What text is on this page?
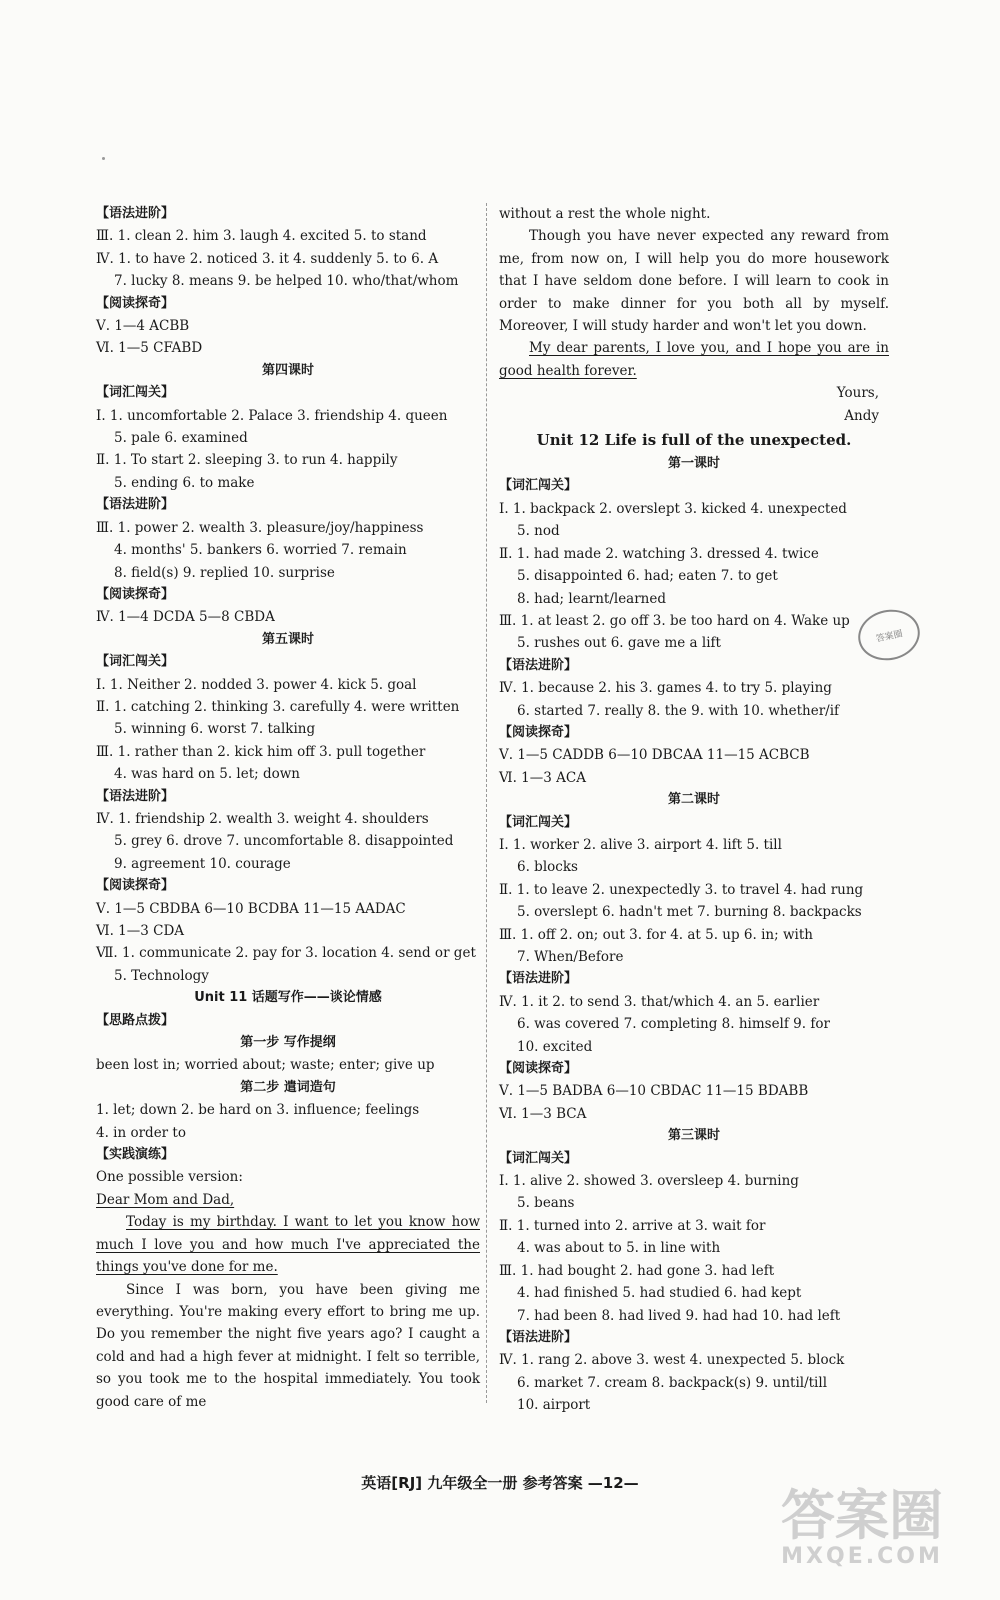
【语法进阶】
Ⅲ. 1. clean 2. him 3. laugh 4. excited 5. to stand
Ⅳ. 1. to have 2. noticed 3. it 4. suddenly 5. to 6. A
7. lucky 8. means 9. be helped 10. who/that/whom
【阅读探奇】
Ⅴ. 1—4 ACBB
Ⅵ. 1—5 CFABD
第四课时
【词汇闯关】
Ⅰ. 1. uncomfortable 2. Palace 3. friendship 4. queen
5. pale 6. examined
Ⅱ. 1. To start 2. sleeping 3. to run 4. happily
5. ending 6. to make
【语法进阶】
Ⅲ. 1. power 2. wealth 3. pleasure/joy/happiness
4. months' 5. bankers 6. worried 7. remain
8. field(s) 9. replied 10. surprise
【阅读探奇】
Ⅳ. 1—4 DCDA 5—8 CBDA
第五课时
【词汇闯关】
Ⅰ. 1. Neither 2. nodded 3. power 4. kick 5. goal
Ⅱ. 1. catching 2. thinking 3. carefully 4. were written
5. winning 6. worst 7. talking
Ⅲ. 1. rather than 2. kick him off 3. pull together
4. was hard on 5. let; down
【语法进阶】
Ⅳ. 1. friendship 2. wealth 3. weight 4. shoulders
5. grey 6. drove 7. uncomfortable 8. disappointed
9. agreement 10. courage
【阅读探奇】
Ⅴ. 1—5 CBDBA 6—10 BCDBA 11—15 AADAC
Ⅵ. 1—3 CDA
Ⅶ. 1. communicate 2. pay for 3. location 4. send or get
5. Technology
Unit 11 话题写作——谈论情感
【思路点拨】
第一步 写作提纲
been lost in; worried about; waste; enter; give up
第二步 遣词造句
1. let; down 2. be hard on 3. influence; feelings
4. in order to
【实践演练】
One possible version:
Dear Mom and Dad,
Today is my birthday. I want to let you know how much I love you and how much I've appreciated the things you've done for me.
Since I was born, you have been giving me everything. You're making every effort to bring me up. Do you remember the night five years ago? I caught a cold and had a high fever at midnight. I felt so terrible, so you took me to the hospital immediately. You took good care of me
without a rest the whole night.
Though you have never expected any reward from me, from now on, I will help you do more housework that I have seldom done before. I will learn to cook in order to make dinner for you both all by myself. Moreover, I will study harder and won't let you down.
My dear parents, I love you, and I hope you are in good health forever.
Yours,
Andy
Unit 12 Life is full of the unexpected.
第一课时
【词汇闯关】
Ⅰ. 1. backpack 2. overslept 3. kicked 4. unexpected
5. nod
Ⅱ. 1. had made 2. watching 3. dressed 4. twice
5. disappointed 6. had; eaten 7. to get
8. had; learnt/learned
Ⅲ. 1. at least 2. go off 3. be too hard on 4. Wake up
5. rushes out 6. gave me a lift
【语法进阶】
Ⅳ. 1. because 2. his 3. games 4. to try 5. playing
6. started 7. really 8. the 9. with 10. whether/if
【阅读探奇】
Ⅴ. 1—5 CADDB 6—10 DBCAA 11—15 ACBCB
Ⅵ. 1—3 ACA
第二课时
【词汇闯关】
Ⅰ. 1. worker 2. alive 3. airport 4. lift 5. till
6. blocks
Ⅱ. 1. to leave 2. unexpectedly 3. to travel 4. had rung
5. overslept 6. hadn't met 7. burning 8. backpacks
Ⅲ. 1. off 2. on; out 3. for 4. at 5. up 6. in; with
7. When/Before
【语法进阶】
Ⅳ. 1. it 2. to send 3. that/which 4. an 5. earlier
6. was covered 7. completing 8. himself 9. for
10. excited
【阅读探奇】
Ⅴ. 1—5 BADBA 6—10 CBDAC 11—15 BDABB
Ⅵ. 1—3 BCA
第三课时
【词汇闯关】
Ⅰ. 1. alive 2. showed 3. oversleep 4. burning
5. beans
Ⅱ. 1. turned into 2. arrive at 3. wait for
4. was about to 5. in line with
Ⅲ. 1. had bought 2. had gone 3. had left
4. had finished 5. had studied 6. had kept
7. had been 8. had lived 9. had had 10. had left
【语法进阶】
Ⅳ. 1. rang 2. above 3. west 4. unexpected 5. block
6. market 7. cream 8. backpack(s) 9. until/till
10. airport
答案圈
英语[RJ] 九年级全一册 参考答案 —12—
答案圈
MXQE.COM
